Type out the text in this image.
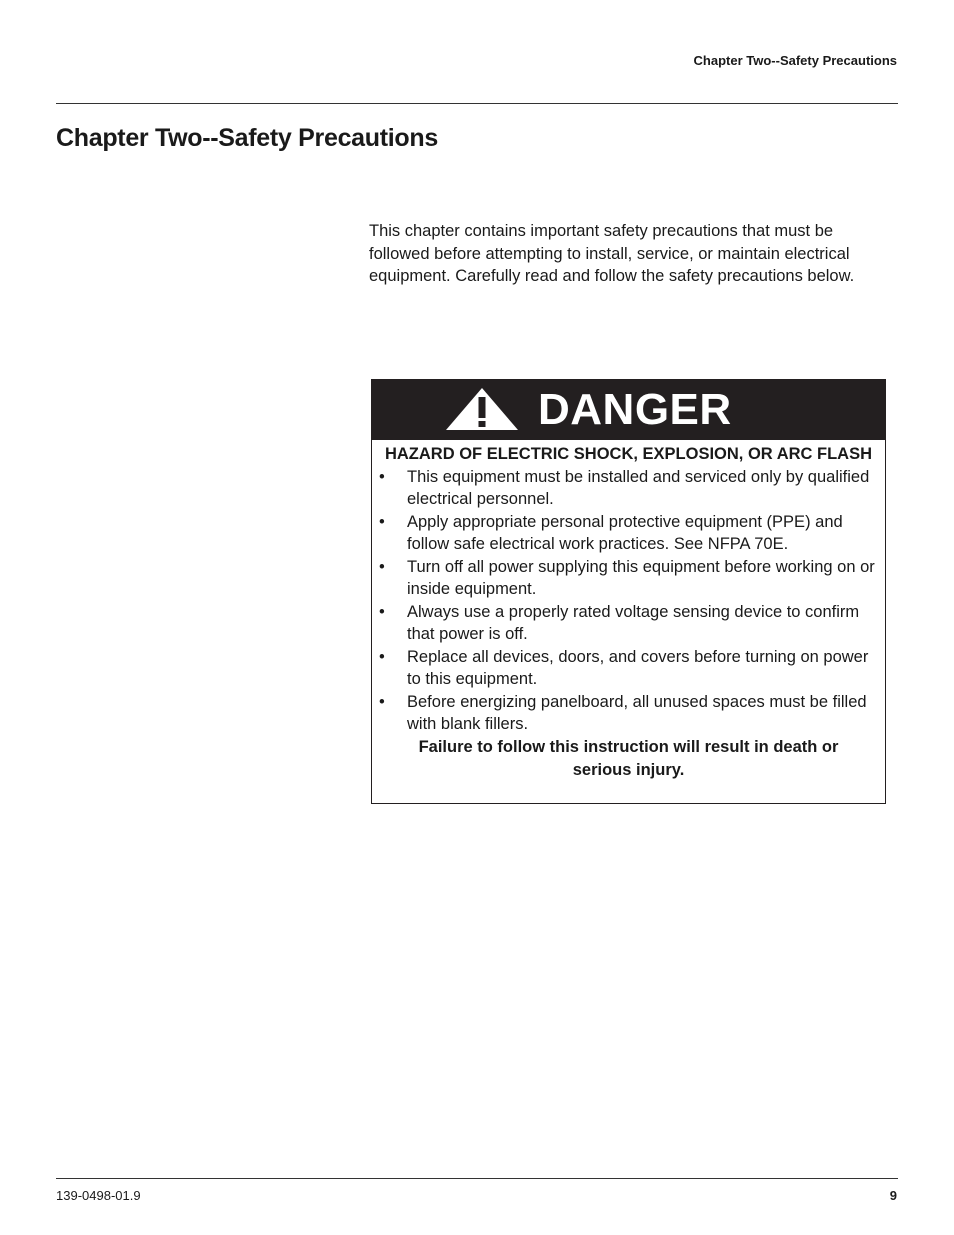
Chapter Two--Safety Precautions
Chapter Two--Safety Precautions

This chapter contains important safety precautions that must be followed before attempting to install, service, or maintain electrical equipment. Carefully read and follow the safety precautions below.

DANGER

HAZARD OF ELECTRIC SHOCK, EXPLOSION, OR ARC FLASH

• This equipment must be installed and serviced only by qualified electrical personnel.
• Apply appropriate personal protective equipment (PPE) and follow safe electrical work practices. See NFPA 70E.
• Turn off all power supplying this equipment before working on or inside equipment.
• Always use a properly rated voltage sensing device to confirm that power is off.
• Replace all devices, doors, and covers before turning on power to this equipment.
• Before energizing panelboard, all unused spaces must be filled with blank fillers.

Failure to follow this instruction will result in death or serious injury.

139-0498-01.9	9
